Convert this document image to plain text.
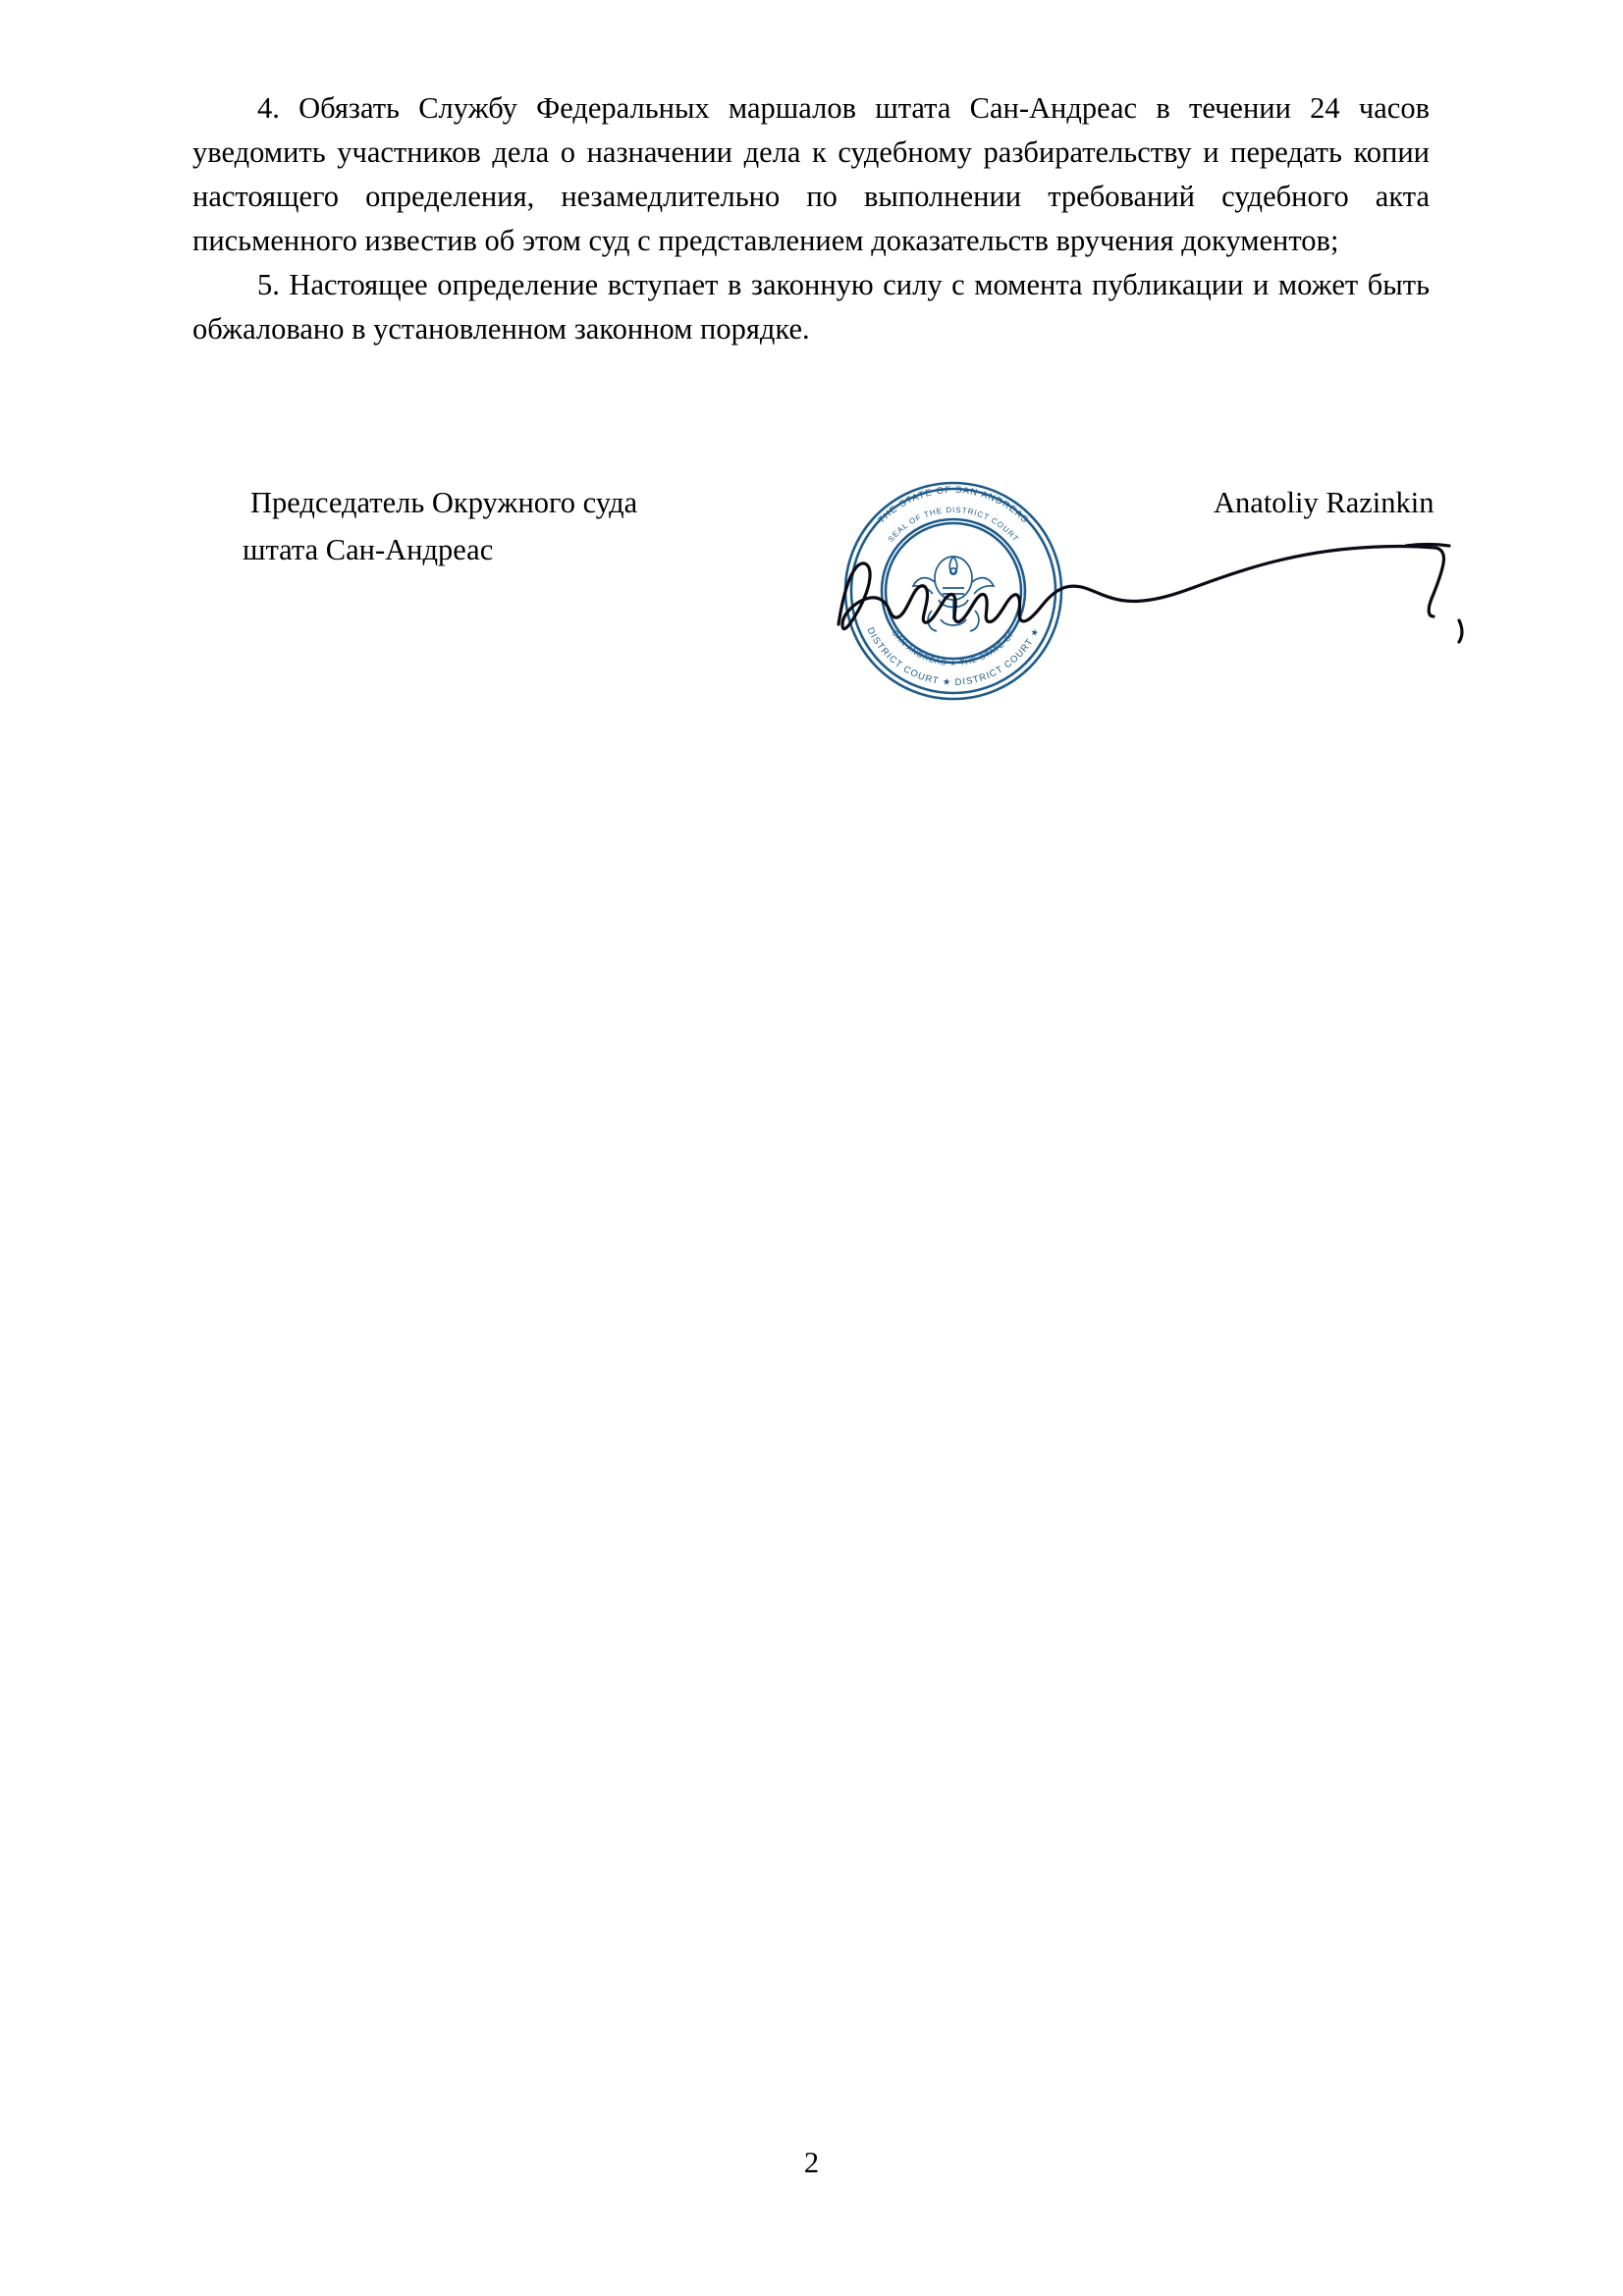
4. Обязать Службу Федеральных маршалов штата Сан-Андреас в течении 24 часов уведомить участников дела о назначении дела к судебному разбирательству и передать копии настоящего определения, незамедлительно по выполнении требований судебного акта письменного известив об этом суд с представлением доказательств вручения документов;

5. Настоящее определение вступает в законную силу с момента публикации и может быть обжаловано в установленном законном порядке.

Председатель Окружного суда
штата Сан-Андреас
Anatoliy Razinkin
THE STATE OF SAN ANDREAS
DISTRICT COURT ★ DISTRICT COURT ★
SEAL OF THE DISTRICT COURT
SAN ANDREAS ★ THE STATE OF
2
